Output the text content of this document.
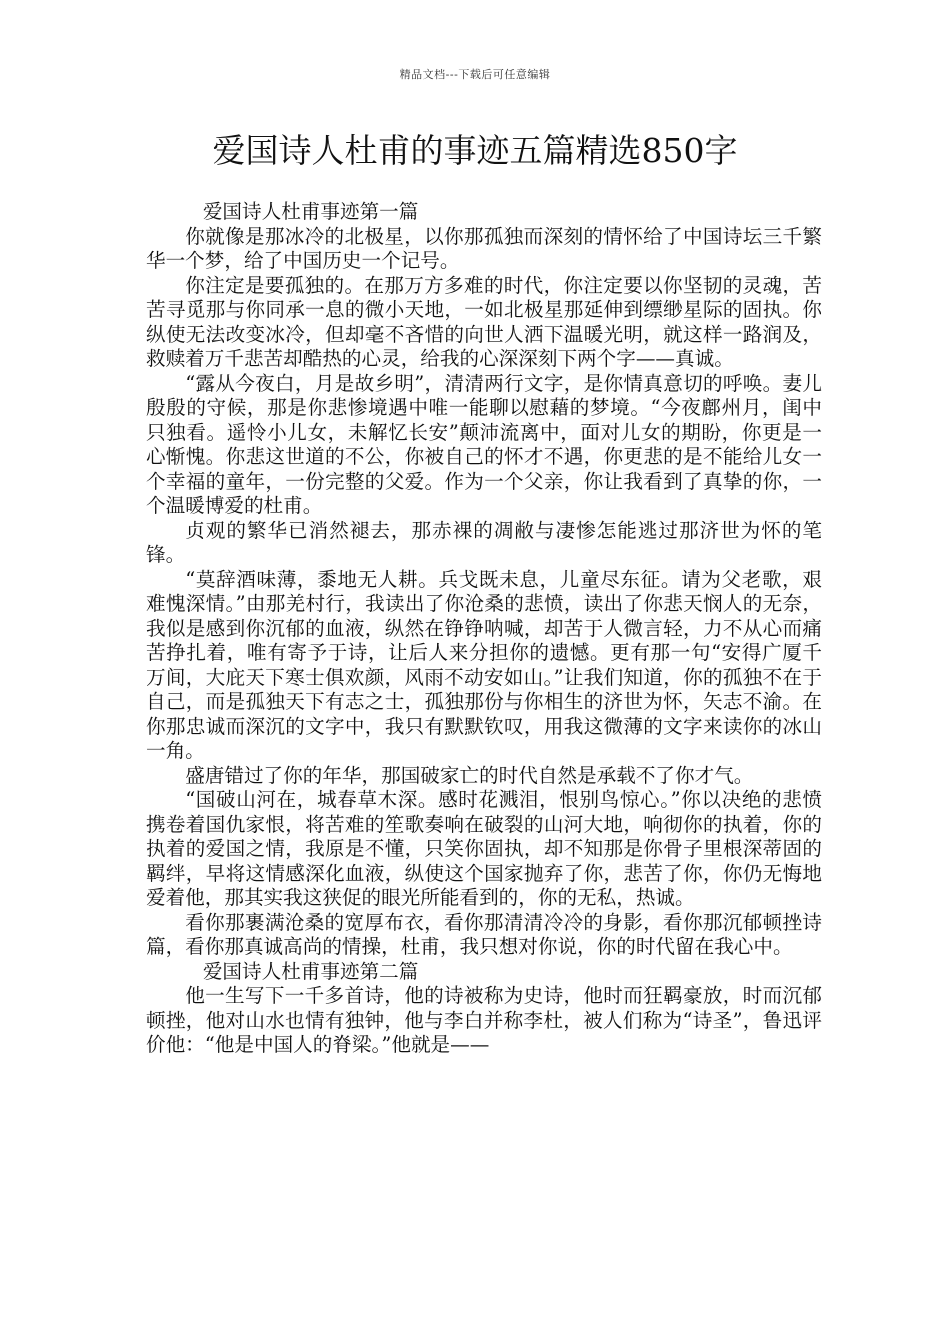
精品文档---下载后可任意编辑
爱国诗人杜甫的事迹五篇精选850字

爱国诗人杜甫事迹第一篇

你就像是那冰冷的北极星，以你那孤独而深刻的情怀给了中国诗坛三千繁华一个梦，给了中国历史一个记号。

你注定是要孤独的。在那万方多难的时代，你注定要以你坚韧的灵魂，苦苦寻觅那与你同承一息的微小天地，一如北极星那延伸到缥缈星际的固执。你纵使无法改变冰冷，但却毫不吝惜的向世人洒下温暖光明，就这样一路润及，救赎着万千悲苦却酷热的心灵，给我的心深深刻下两个字——真诚。

“露从今夜白，月是故乡明”，清清两行文字，是你情真意切的呼唤。妻儿殷殷的守候，那是你悲惨境遇中唯一能聊以慰藉的梦境。“今夜鄜州月，闺中只独看。遥怜小儿女，未解忆长安”颠沛流离中，面对儿女的期盼，你更是一心惭愧。你悲这世道的不公，你被自己的怀才不遇，你更悲的是不能给儿女一个幸福的童年，一份完整的父爱。作为一个父亲，你让我看到了真挚的你，一个温暖博爱的杜甫。

贞观的繁华已消然褪去，那赤裸的凋敝与凄惨怎能逃过那济世为怀的笔锋。

“莫辞酒味薄，黍地无人耕。兵戈既未息，儿童尽东征。请为父老歌，艰难愧深情。”由那羌村行，我读出了你沧桑的悲愤，读出了你悲天悯人的无奈，我似是感到你沉郁的血液，纵然在铮铮呐喊，却苦于人微言轻，力不从心而痛苦挣扎着，唯有寄予于诗，让后人来分担你的遗憾。更有那一句“安得广厦千万间，大庇天下寒士俱欢颜，风雨不动安如山。”让我们知道，你的孤独不在于自己，而是孤独天下有志之士，孤独那份与你相生的济世为怀，矢志不渝。在你那忠诚而深沉的文字中，我只有默默钦叹，用我这微薄的文字来读你的冰山一角。

盛唐错过了你的年华，那国破家亡的时代自然是承载不了你才气。

“国破山河在，城春草木深。感时花溅泪，恨别鸟惊心。”你以决绝的悲愤携卷着国仇家恨，将苦难的笙歌奏响在破裂的山河大地，响彻你的执着，你的执着的爱国之情，我原是不懂，只笑你固执，却不知那是你骨子里根深蒂固的羁绊，早将这情感深化血液，纵使这个国家抛弃了你，悲苦了你，你仍无悔地爱着他，那其实我这狭促的眼光所能看到的，你的无私，热诚。

看你那裹满沧桑的宽厚布衣，看你那清清冷冷的身影，看你那沉郁顿挫诗篇，看你那真诚高尚的情操，杜甫，我只想对你说，你的时代留在我心中。

爱国诗人杜甫事迹第二篇

他一生写下一千多首诗，他的诗被称为史诗，他时而狂羁豪放，时而沉郁顿挫，他对山水也情有独钟，他与李白并称李杜，被人们称为“诗圣”，鲁迅评价他：“他是中国人的脊梁。”他就是——
